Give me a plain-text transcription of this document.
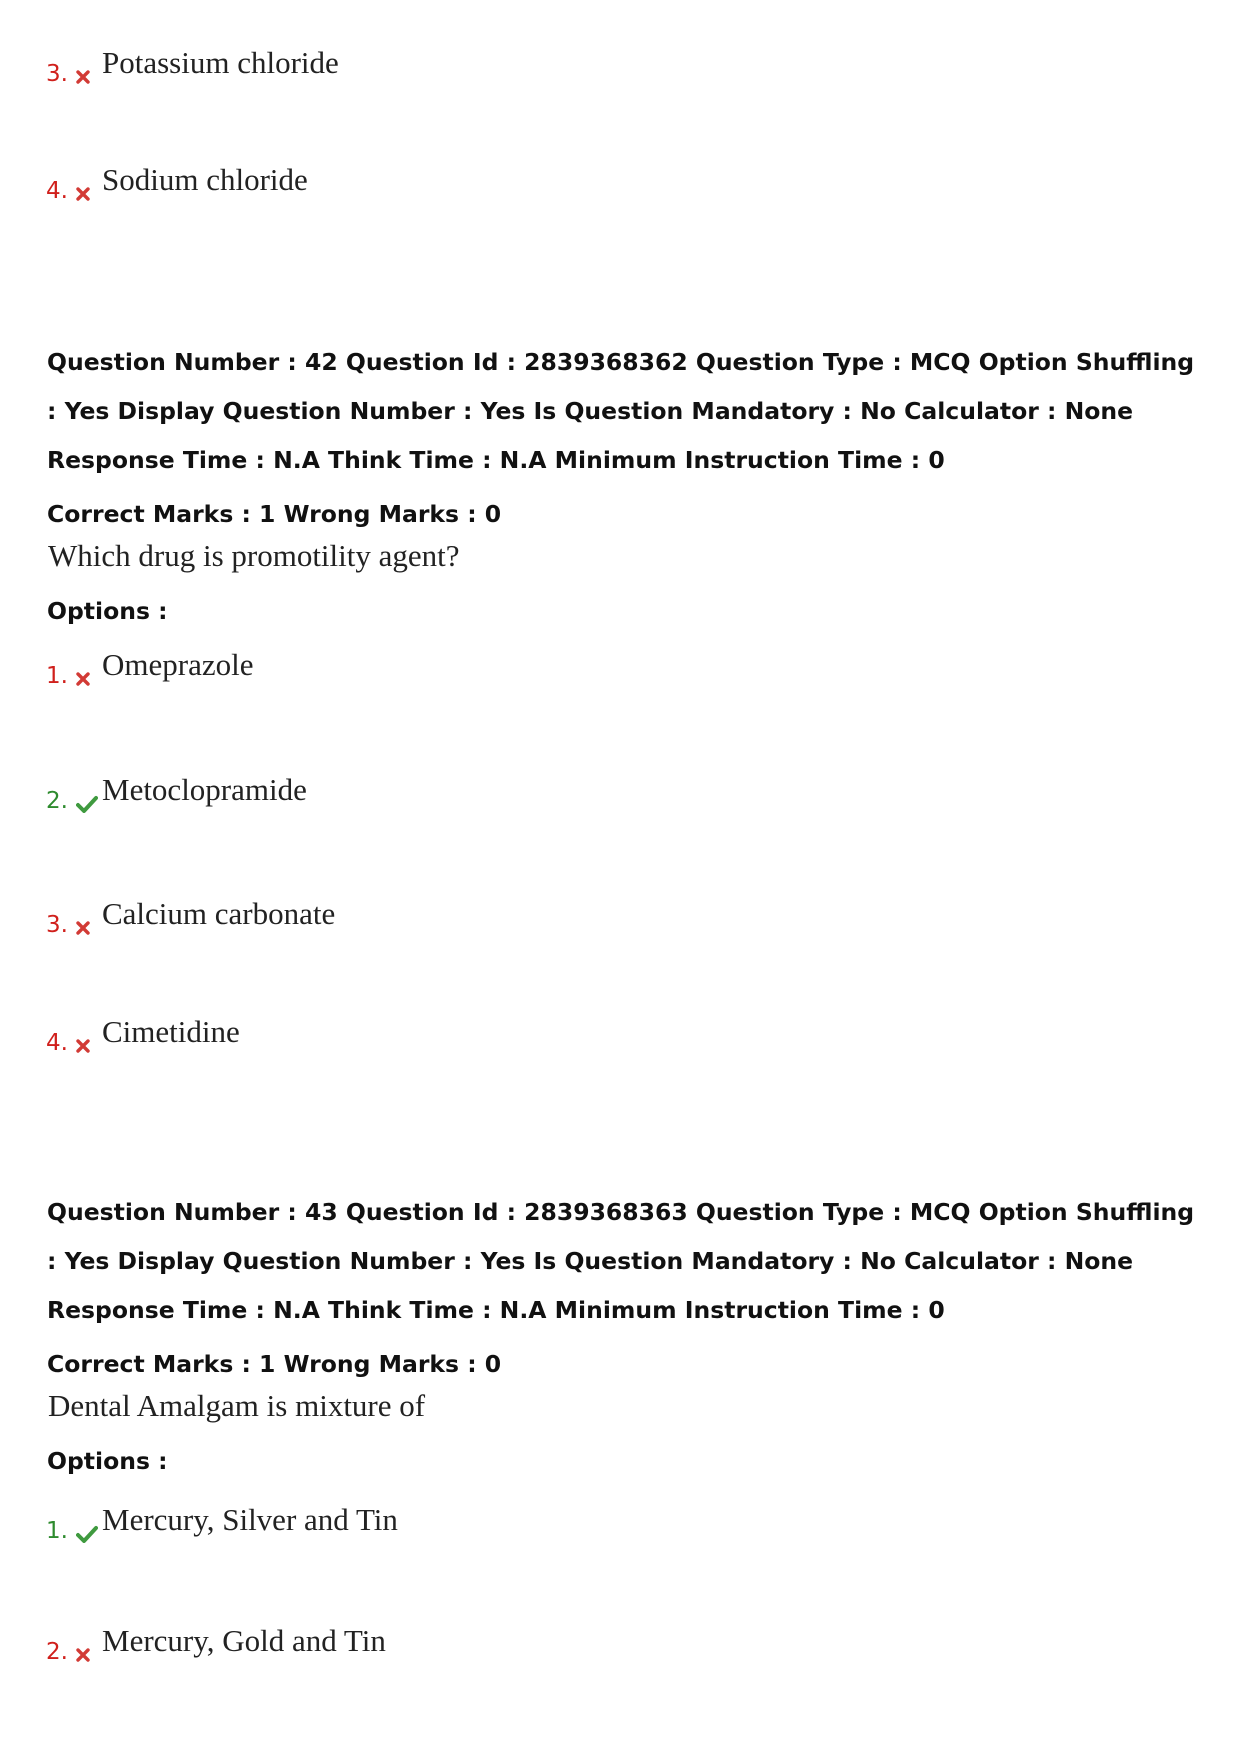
3. Potassium chloride
4. Sodium chloride
Question Number : 42 Question Id : 2839368362 Question Type : MCQ Option Shuffling : Yes Display Question Number : Yes Is Question Mandatory : No Calculator : None Response Time : N.A Think Time : N.A Minimum Instruction Time : 0
Correct Marks : 1 Wrong Marks : 0
Which drug is promotility agent?
Options :
1. Omeprazole
2. Metoclopramide
3. Calcium carbonate
4. Cimetidine
Question Number : 43 Question Id : 2839368363 Question Type : MCQ Option Shuffling : Yes Display Question Number : Yes Is Question Mandatory : No Calculator : None Response Time : N.A Think Time : N.A Minimum Instruction Time : 0
Correct Marks : 1 Wrong Marks : 0
Dental Amalgam is mixture of
Options :
1. Mercury, Silver and Tin
2. Mercury, Gold and Tin
